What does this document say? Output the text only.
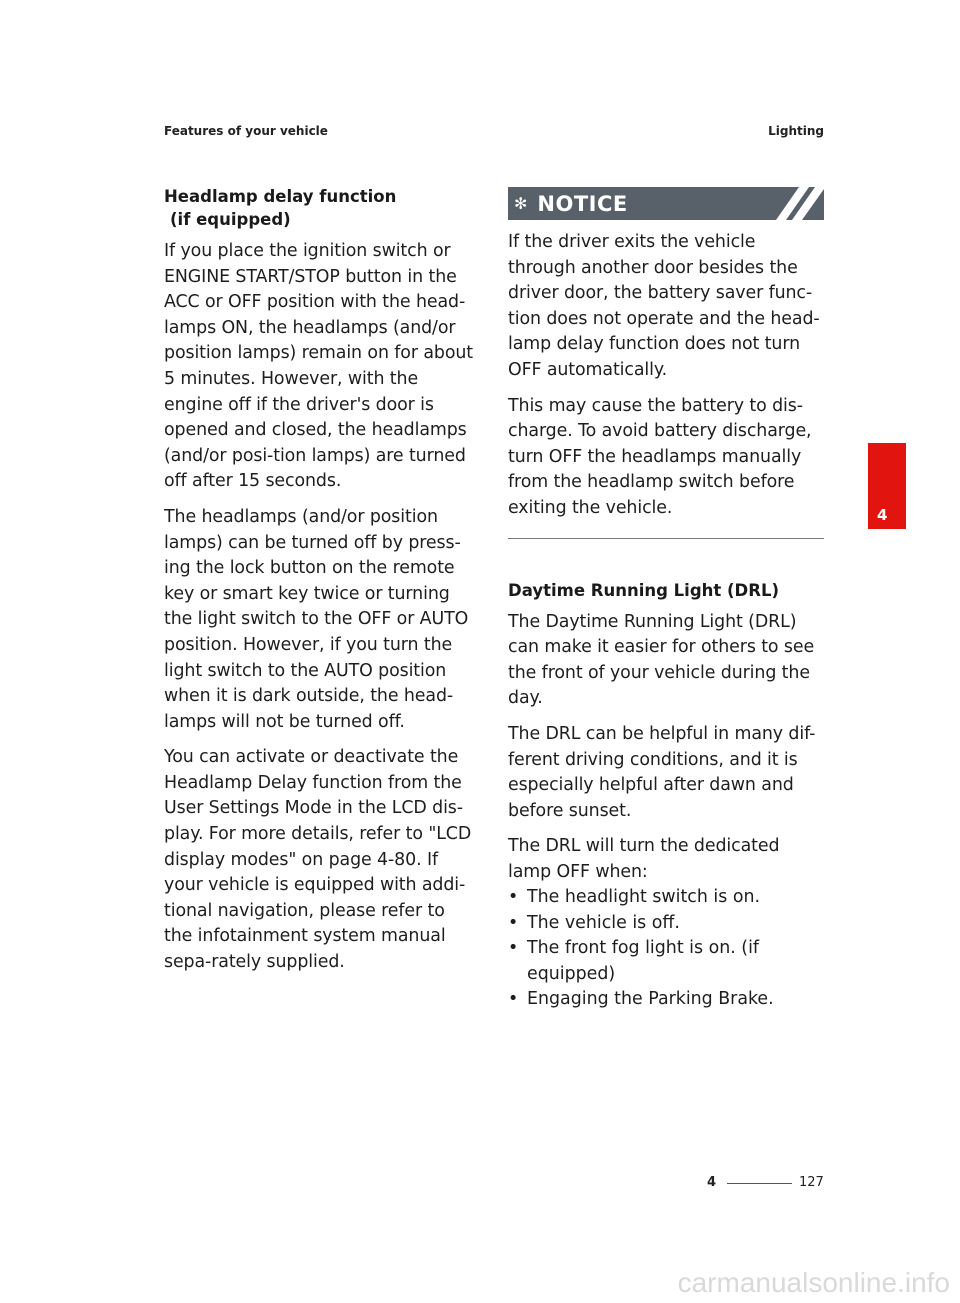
Features of your vehicle	Lighting
Headlamp delay function
(if equipped)

If you place the ignition switch or ENGINE START/STOP button in the ACC or OFF position with the head-lamps ON, the headlamps (and/or position lamps) remain on for about 5 minutes. However, with the engine off if the driver's door is opened and closed, the headlamps (and/or posi-tion lamps) are turned off after 15 seconds.

The headlamps (and/or position lamps) can be turned off by press-ing the lock button on the remote key or smart key twice or turning the light switch to the OFF or AUTO position. However, if you turn the light switch to the AUTO position when it is dark outside, the head-lamps will not be turned off.

You can activate or deactivate the Headlamp Delay function from the User Settings Mode in the LCD dis-play. For more details, refer to "LCD display modes" on page 4-80. If your vehicle is equipped with addi-tional navigation, please refer to the infotainment system manual sepa-rately supplied.

✻ NOTICE

If the driver exits the vehicle through another door besides the driver door, the battery saver func-tion does not operate and the head-lamp delay function does not turn OFF automatically.

This may cause the battery to dis-charge. To avoid battery discharge, turn OFF the headlamps manually from the headlamp switch before exiting the vehicle.

Daytime Running Light (DRL)

The Daytime Running Light (DRL) can make it easier for others to see the front of your vehicle during the day.

The DRL can be helpful in many dif-ferent driving conditions, and it is especially helpful after dawn and before sunset.

The DRL will turn the dedicated lamp OFF when:

• The headlight switch is on.
• The vehicle is off.
• The front fog light is on. (if equipped)
• Engaging the Parking Brake.
4
4	127
carmanualsonline.info
